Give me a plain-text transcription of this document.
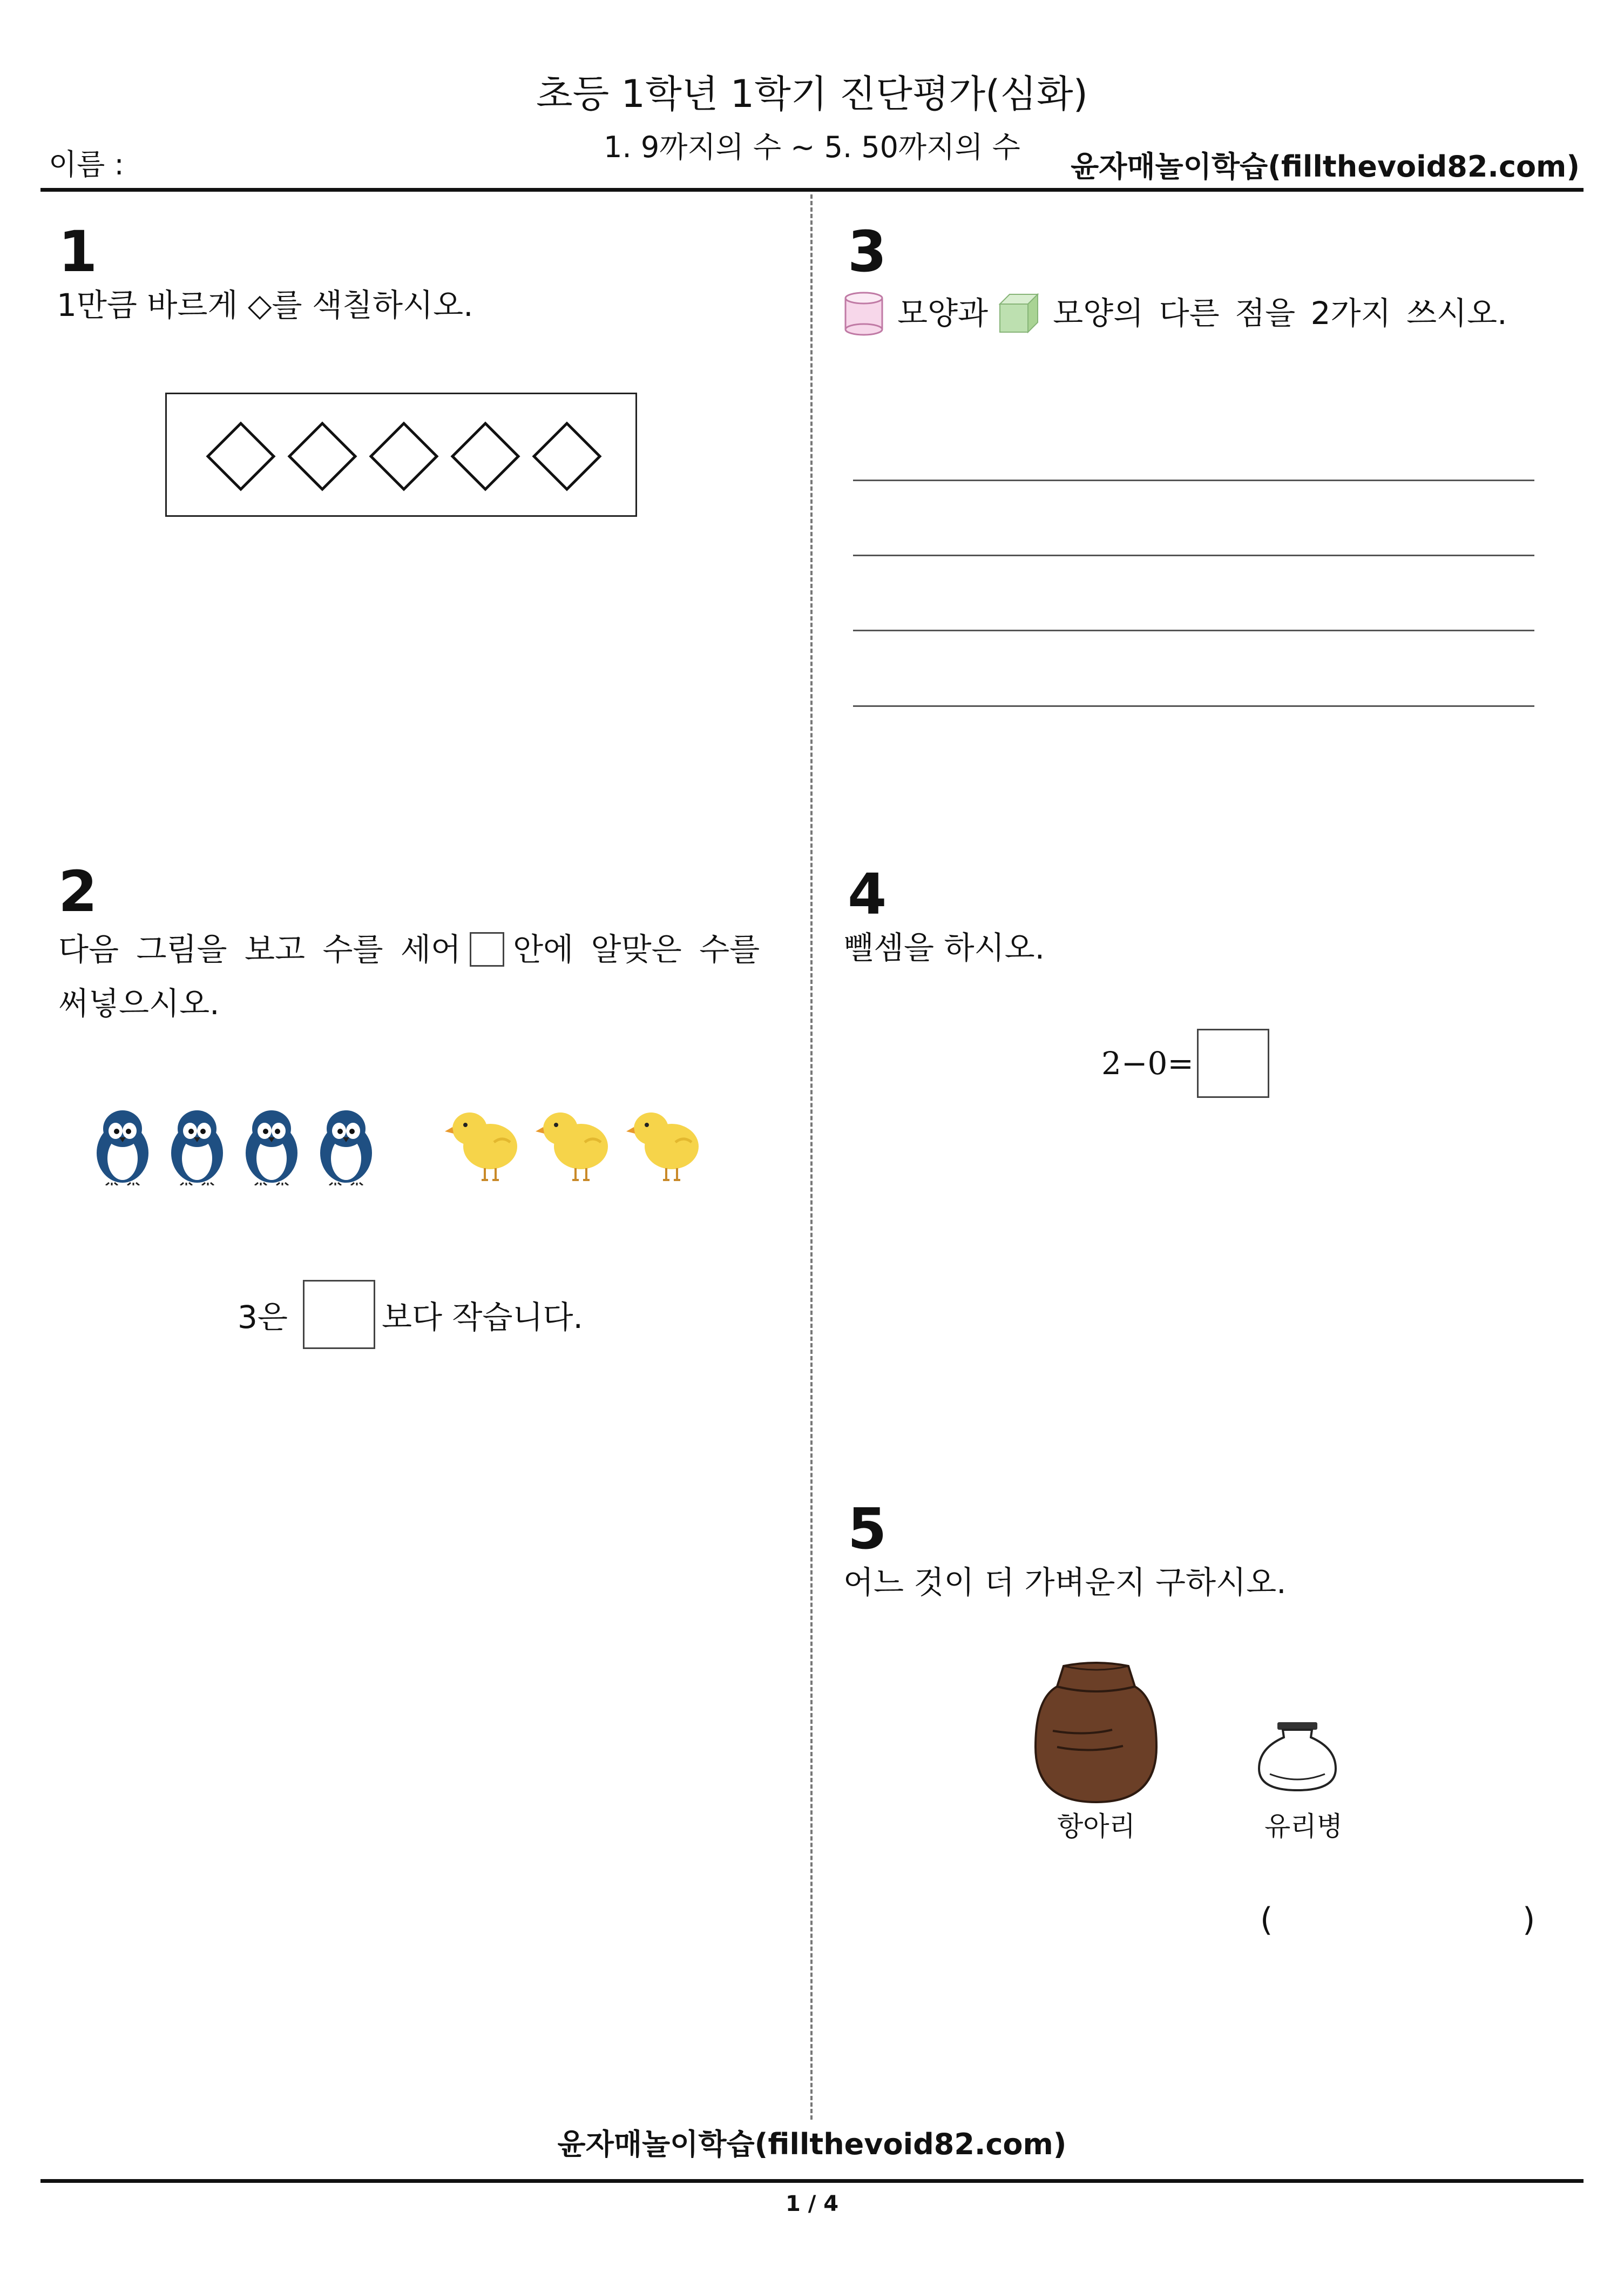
초등 1학년 1학기 진단평가(심화)
1. 9까지의 수 ~ 5. 50까지의 수
이름 :	윤자매놀이학습(fillthevoid82.com)
1
1만큼 바르게 ◇를 색칠하시오.
2
다음 그림을 보고 수를 세어 안에 알맞은 수를
써넣으시오.
3은	보다 작습니다.
3
모양과 모양의 다른 점을 2가지 쓰시오.
4
뺄셈을 하시오.
2−0=
5
어느 것이 더 가벼운지 구하시오.
항아리	유리병
(	)
윤자매놀이학습(fillthevoid82.com)
1 / 4
